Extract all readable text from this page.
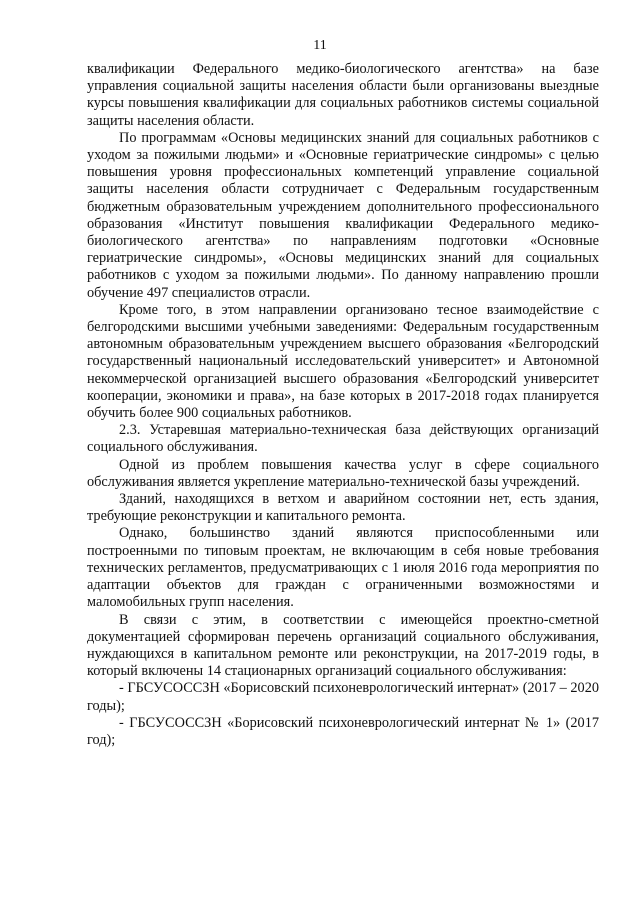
11

квалификации Федерального медико-биологического агентства» на базе управления социальной защиты населения области были организованы выездные курсы повышения квалификации для социальных работников системы социальной защиты населения области.

По программам «Основы медицинских знаний для социальных работников с уходом за пожилыми людьми» и «Основные гериатрические синдромы» с целью повышения уровня профессиональных компетенций управление социальной защиты населения области сотрудничает с Федеральным государственным бюджетным образовательным учреждением дополнительного профессионального образования «Институт повышения квалификации Федерального медико-биологического агентства» по направлениям подготовки «Основные гериатрические синдромы», «Основы медицинских знаний для социальных работников с уходом за пожилыми людьми». По данному направлению прошли обучение 497 специалистов отрасли.

Кроме того, в этом направлении организовано тесное взаимодействие с белгородскими высшими учебными заведениями: Федеральным государственным автономным образовательным учреждением высшего образования «Белгородский государственный национальный исследовательский университет» и Автономной некоммерческой организацией высшего образования «Белгородский университет кооперации, экономики и права», на базе которых в 2017-2018 годах планируется обучить более 900 социальных работников.

2.3. Устаревшая материально-техническая база действующих организаций социального обслуживания.

Одной из проблем повышения качества услуг в сфере социального обслуживания является укрепление материально-технической базы учреждений.

Зданий, находящихся в ветхом и аварийном состоянии нет, есть здания, требующие реконструкции и капитального ремонта.

Однако, большинство зданий являются приспособленными или построенными по типовым проектам, не включающим в себя новые требования технических регламентов, предусматривающих с 1 июля 2016 года мероприятия по адаптации объектов для граждан с ограниченными возможностями и маломобильных групп населения.

В связи с этим, в соответствии с имеющейся проектно-сметной документацией сформирован перечень организаций социального обслуживания, нуждающихся в капитальном ремонте или реконструкции, на 2017-2019 годы, в который включены 14 стационарных организаций социального обслуживания:

- ГБСУСОССЗН «Борисовский психоневрологический интернат» (2017 – 2020 годы);

- ГБСУСОССЗН «Борисовский психоневрологический интернат № 1» (2017 год);
